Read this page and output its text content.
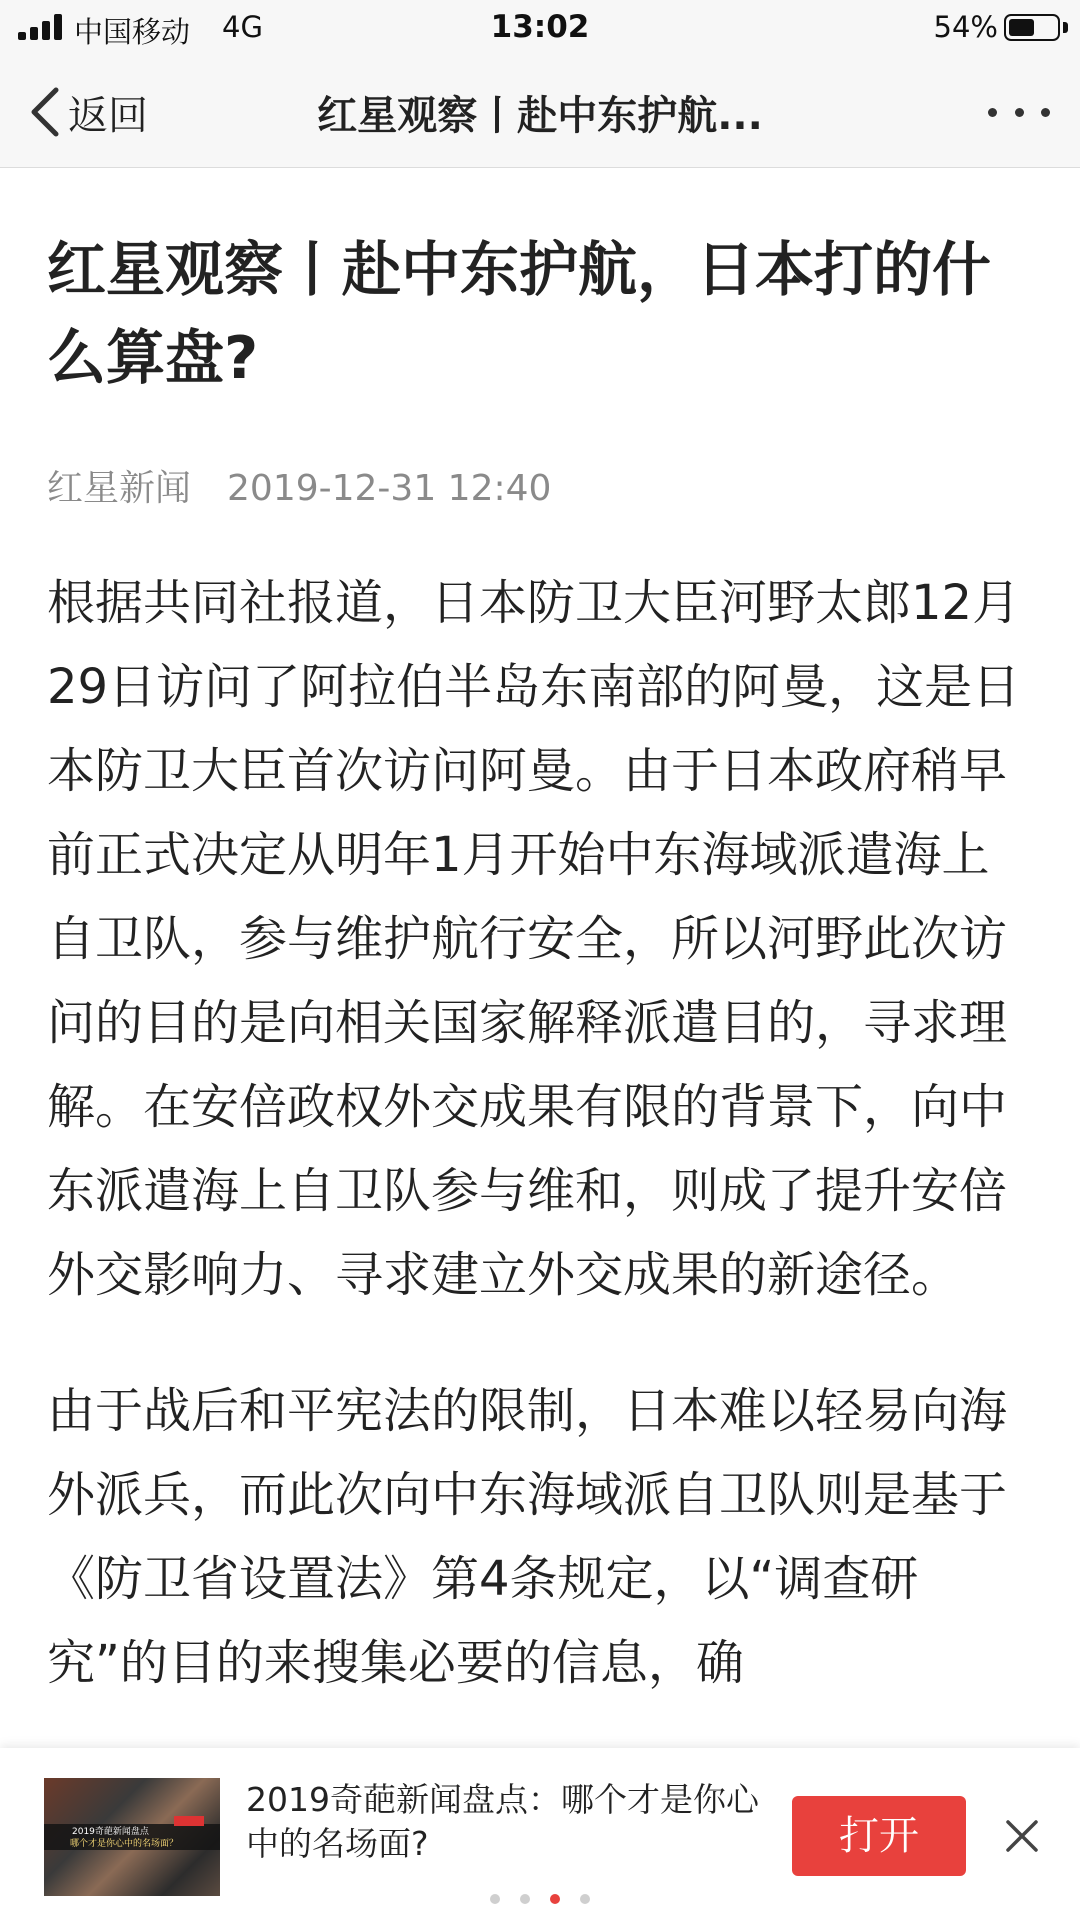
中国移动 4G	13:02	54%
返回	红星观察丨赴中东护航...
红星观察丨赴中东护航，日本打的什么算盘?
红星新闻 2019-12-31 12:40

根据共同社报道，日本防卫大臣河野太郎12月29日访问了阿拉伯半岛东南部的阿曼，这是日本防卫大臣首次访问阿曼。由于日本政府稍早前正式决定从明年1月开始中东海域派遣海上自卫队，参与维护航行安全，所以河野此次访问的目的是向相关国家解释派遣目的，寻求理解。在安倍政权外交成果有限的背景下，向中东派遣海上自卫队参与维和，则成了提升安倍外交影响力、寻求建立外交成果的新途径。

由于战后和平宪法的限制，日本难以轻易向海外派兵，而此次向中东海域派自卫队则是基于《防卫省设置法》第4条规定，以“调查研究”的目的来搜集必要的信息，确

2019奇葩新闻盘点
哪个才是你心中的名场面？
2019奇葩新闻盘点：哪个才是你心中的名场面?	打开
